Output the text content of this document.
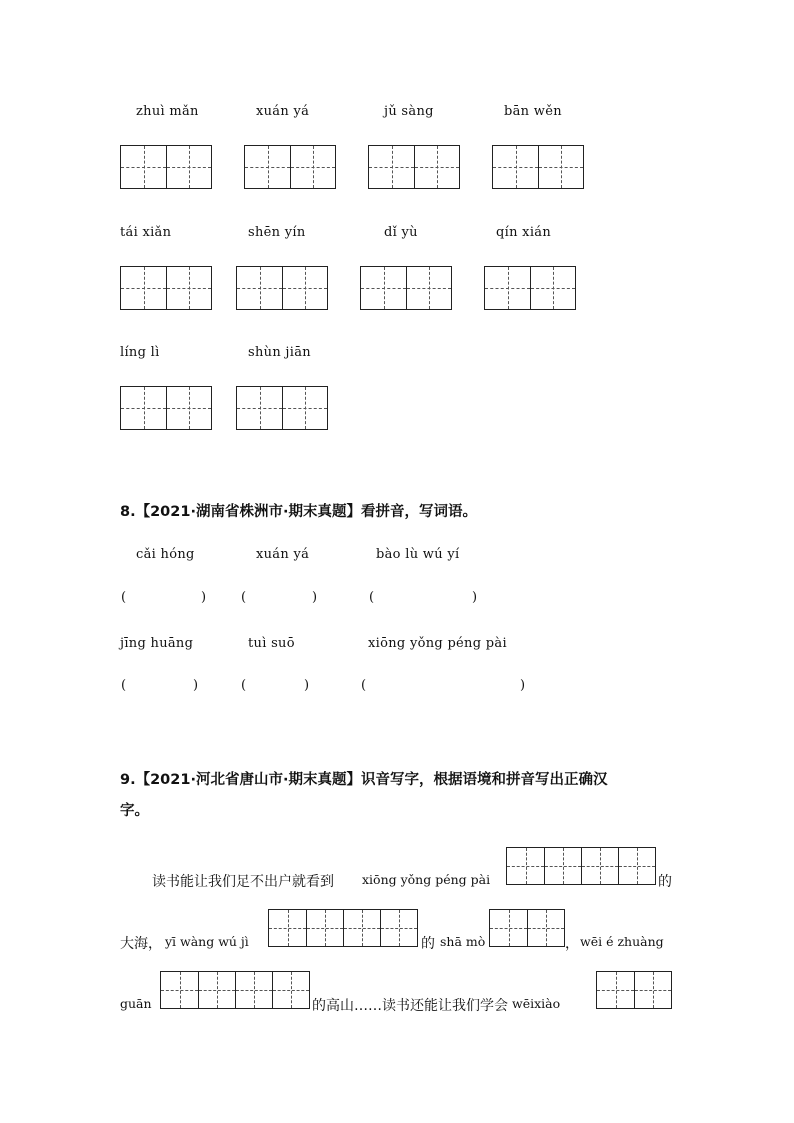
zhuì mǎn	xuán yá	jǔ sàng	bān wěn
tái xiǎn	shēn yín	dǐ yù	qín xián
líng lì	shùn jiān
8.【2021·湖南省株洲市·期末真题】看拼音，写词语。
cǎi hóng	xuán yá	bào lù wú yí
(	)	(	)	(	)
jīng huāng	tuì suō	xiōng yǒng péng pài
(	)	(	)	(	)
9.【2021·河北省唐山市·期末真题】识音写字，根据语境和拼音写出正确汉
字。
读书能让我们足不出户就看到 xiōng yǒng péng pài	的
大海， yī wàng wú jì	的 shā mò	， wēi é zhuàng
guān	的高山……读书还能让我们学会 wēixiào
